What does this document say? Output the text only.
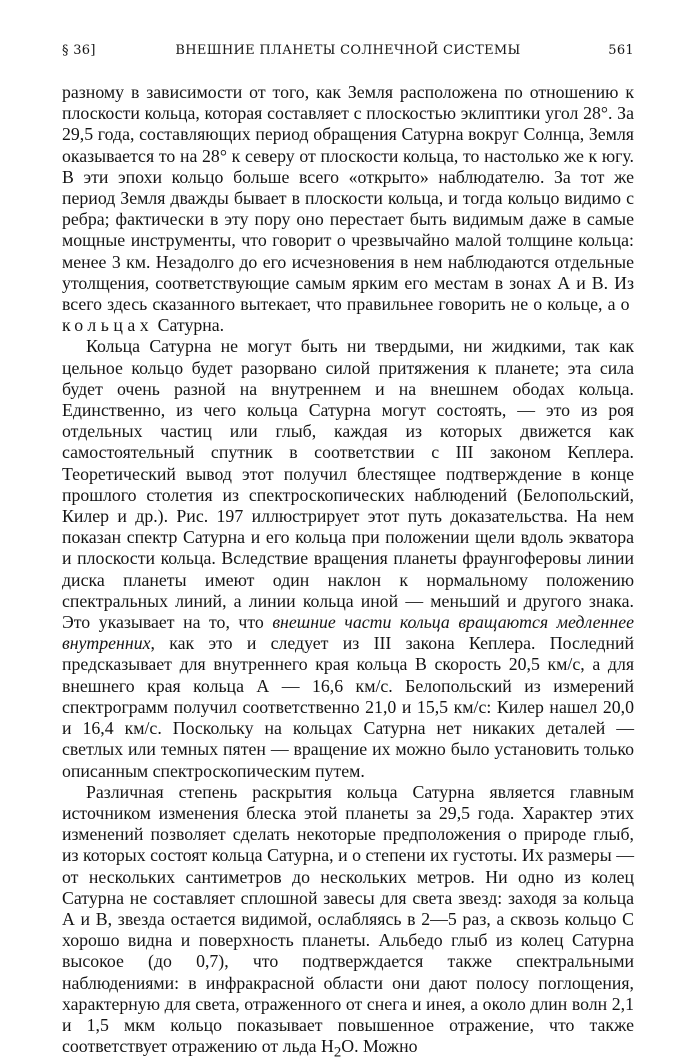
§ 36]	ВНЕШНИЕ ПЛАНЕТЫ СОЛНЕЧНОЙ СИСТЕМЫ	561

разному в зависимости от того, как Земля расположена по отношению к плоскости кольца, которая составляет с плоскостью эклиптики угол 28°. За 29,5 года, составляющих период обращения Сатурна вокруг Солнца, Земля оказывается то на 28° к северу от плоскости кольца, то настолько же к югу. В эти эпохи кольцо больше всего «открыто» наблюдателю. За тот же период Земля дважды бывает в плоскости кольца, и тогда кольцо видимо с ребра; фактически в эту пору оно перестает быть видимым даже в самые мощные инструменты, что говорит о чрезвычайно малой толщине кольца: менее 3 км. Незадолго до его исчезновения в нем наблюдаются отдельные утолщения, соответствующие самым ярким его местам в зонах А и В. Из всего здесь сказанного вытекает, что правильнее говорить не о кольце, а о кольцах Сатурна.

Кольца Сатурна не могут быть ни твердыми, ни жидкими, так как цельное кольцо будет разорвано силой притяжения к планете; эта сила будет очень разной на внутреннем и на внешнем ободах кольца. Единственно, из чего кольца Сатурна могут состоять, — это из роя отдельных частиц или глыб, каждая из которых движется как самостоятельный спутник в соответствии с III законом Кеплера. Теоретический вывод этот получил блестящее подтверждение в конце прошлого столетия из спектроскопических наблюдений (Белопольский, Килер и др.). Рис. 197 иллюстрирует этот путь доказательства. На нем показан спектр Сатурна и его кольца при положении щели вдоль экватора и плоскости кольца. Вследствие вращения планеты фраунгоферовы линии диска планеты имеют один наклон к нормальному положению спектральных линий, а линии кольца иной — меньший и другого знака. Это указывает на то, что внешние части кольца вращаются медленнее внутренних, как это и следует из III закона Кеплера. Последний предсказывает для внутреннего края кольца В скорость 20,5 км/с, а для внешнего края кольца А — 16,6 км/с. Белопольский из измерений спектрограмм получил соответственно 21,0 и 15,5 км/с: Килер нашел 20,0 и 16,4 км/с. Поскольку на кольцах Сатурна нет никаких деталей — светлых или темных пятен — вращение их можно было установить только описанным спектроскопическим путем.

Различная степень раскрытия кольца Сатурна является главным источником изменения блеска этой планеты за 29,5 года. Характер этих изменений позволяет сделать некоторые предположения о природе глыб, из которых состоят кольца Сатурна, и о степени их густоты. Их размеры — от нескольких сантиметров до нескольких метров. Ни одно из колец Сатурна не составляет сплошной завесы для света звезд: заходя за кольца А и В, звезда остается видимой, ослабляясь в 2—5 раз, а сквозь кольцо С хорошо видна и поверхность планеты. Альбедо глыб из колец Сатурна высокое (до 0,7), что подтверждается также спектральными наблюдениями: в инфракрасной области они дают полосу поглощения, характерную для света, отраженного от снега и инея, а около длин волн 2,1 и 1,5 мкм кольцо показывает повышенное отражение, что также соответствует отражению от льда $H_2O$. Можно
